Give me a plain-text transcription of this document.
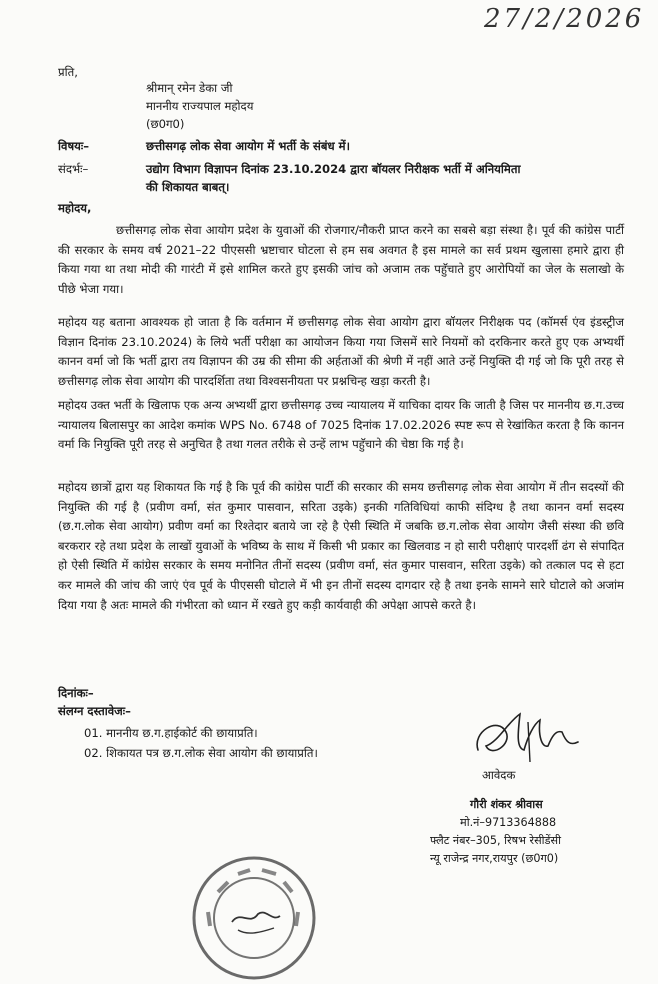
27/2/2026
प्रति,
श्रीमान् रमेन डेका जी
माननीय राज्यपाल महोदय
(छ0ग0)
विषयः–	छत्तीसगढ़ लोक सेवा आयोग में भर्ती के संबंध में।
संदर्भः–	उद्योग विभाग विज्ञापन दिनांक 23.10.2024 द्वारा बॉयलर निरीक्षक भर्ती में अनियमिता
की शिकायत बाबत्।
महोदय,
छत्तीसगढ़ लोक सेवा आयोग प्रदेश के युवाओं की रोजगार/नौकरी प्राप्त करने का सबसे बड़ा संस्था है। पूर्व की कांग्रेस पार्टी की सरकार के समय वर्ष 2021–22 पीएससी भ्रष्टाचार घोटला से हम सब अवगत है इस मामले का सर्व प्रथम खुलासा हमारे द्वारा ही किया गया था तथा मोदी की गारंटी में इसे शामिल करते हुए इसकी जांच को अजाम तक पहुॅचाते हुए आरोपियों का जेल के सलाखो के पीछे भेजा गया।
महोदय यह बताना आवश्यक हो जाता है कि वर्तमान में छत्तीसगढ़ लोक सेवा आयोग द्वारा बॉयलर निरीक्षक पद (कॉमर्स एंव इंडस्ट्रीज विज्ञान दिनांक 23.10.2024) के लिये भर्ती परीक्षा का आयोजन किया गया जिसमें सारे नियमों को दरकिनार करते हुए एक अभ्यर्थी कानन वर्मा जो कि भर्ती द्वारा तय विज्ञापन की उम्र की सीमा की अर्हताओं की श्रेणी में नहीं आते उन्हें नियुक्ति दी गई जो कि पूरी तरह से छत्तीसगढ़ लोक सेवा आयोग की पारदर्शिता तथा विश्वसनीयता पर प्रश्नचिन्ह खड़ा करती है।
महोदय उक्त भर्ती के खिलाफ एक अन्य अभ्यर्थी द्वारा छत्तीसगढ़ उच्च न्यायालय में याचिका दायर कि जाती है जिस पर माननीय छ.ग.उच्च न्यायालय बिलासपुर का आदेश कमांक WPS No. 6748 of 7025 दिनांक 17.02.2026 स्पष्ट रूप से रेखांकित करता है कि कानन वर्मा कि नियुक्ति पूरी तरह से अनुचित है तथा गलत तरीके से उन्हें लाभ पहुॅचाने की चेष्ठा कि गई है।
महोदय छात्रों द्वारा यह शिकायत कि गई है कि पूर्व की कांग्रेस पार्टी की सरकार की समय छत्तीसगढ़ लोक सेवा आयोग में तीन सदस्यों की नियुक्ति की गई है (प्रवीण वर्मा, संत कुमार पासवान, सरिता उइके) इनकी गतिविधियां काफी संदिग्ध है तथा कानन वर्मा सदस्य (छ.ग.लोक सेवा आयोग) प्रवीण वर्मा का रिश्तेदार बताये जा रहे है ऐसी स्थिति में जबकि छ.ग.लोक सेवा आयोग जैसी संस्था की छवि बरकरार रहे तथा प्रदेश के लाखों युवाओं के भविष्य के साथ में किसी भी प्रकार का खिलवाड न हो सारी परीक्षाएं पारदर्शी ढंग से संपादित हो ऐसी स्थिति में कांग्रेस सरकार के समय मनोनित तीनों सदस्य (प्रवीण वर्मा, संत कुमार पासवान, सरिता उइके) को तत्काल पद से हटा कर मामले की जांच की जाएं एंव पूर्व के पीएससी घोटाले में भी इन तीनों सदस्य दागदार रहे है तथा इनके सामने सारे घोटाले को अजांम दिया गया है अतः मामले की गंभीरता को ध्यान में रखते हुए कड़ी कार्यवाही की अपेक्षा आपसे करते है।
दिनांकः–
संलग्न दस्तावेजः–
01. माननीय छ.ग.हाईकोर्ट की छायाप्रति।
02. शिकायत पत्र छ.ग.लोक सेवा आयोग की छायाप्रति।
आवेदक
गौरी शंकर श्रीवास
मो.नं–9713364888
फ्लैट नंबर–305, रिषभ रेसीडेंसी
न्यू राजेन्द्र नगर,रायपुर (छ0ग0)
